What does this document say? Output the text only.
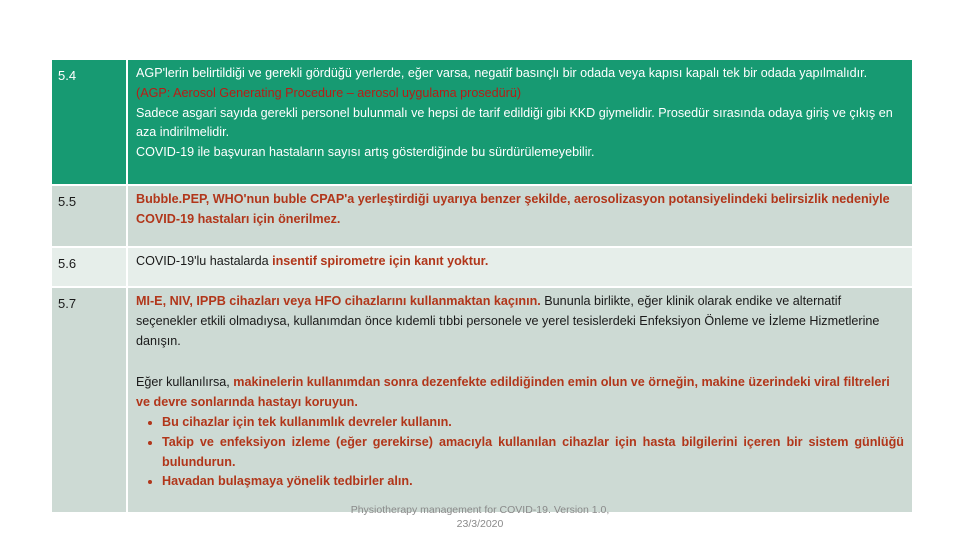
5.4	AGP'lerin belirtildiği ve gerekli gördüğü yerlerde, eğer varsa, negatif basınçlı bir odada veya kapısı kapalı tek bir odada yapılmalıdır. (AGP: Aerosol Generating Procedure – aerosol uygulama prosedürü)
Sadece asgari sayıda gerekli personel bulunmalı ve hepsi de tarif edildiği gibi KKD giymelidir. Prosedür sırasında odaya giriş ve çıkış en aza indirilmelidir.
COVID-19 ile başvuran hastaların sayısı artış gösterdiğinde bu sürdürülemeyebilir.
5.5	Bubble.PEP, WHO'nun buble CPAP'a yerleştirdiği uyarıya benzer şekilde, aerosolizasyon potansiyelindeki belirsizlik nedeniyle COVID-19 hastaları için önerilmez.
5.6	COVID-19'lu hastalarda insentif spirometre için kanıt yoktur.
5.7	MI-E, NIV, IPPB cihazları veya HFO cihazlarını kullanmaktan kaçının. Bununla birlikte, eğer klinik olarak endike ve alternatif seçenekler etkili olmadıysa, kullanımdan önce kıdemli tıbbi personele ve yerel tesislerdeki Enfeksiyon Önleme ve İzleme Hizmetlerine danışın.
Eğer kullanılırsa, makinelerin kullanımdan sonra dezenfekte edildiğinden emin olun ve örneğin, makine üzerindeki viral filtreleri ve devre sonlarında hastayı koruyun.
• Bu cihazlar için tek kullanımlık devreler kullanın.
• Takip ve enfeksiyon izleme (eğer gerekirse) amacıyla kullanılan cihazlar için hasta bilgilerini içeren bir sistem günlüğü bulundurun.
• Havadan bulaşmaya yönelik tedbirler alın.
Physiotherapy management for COVID-19. Version 1.0,
23/3/2020
